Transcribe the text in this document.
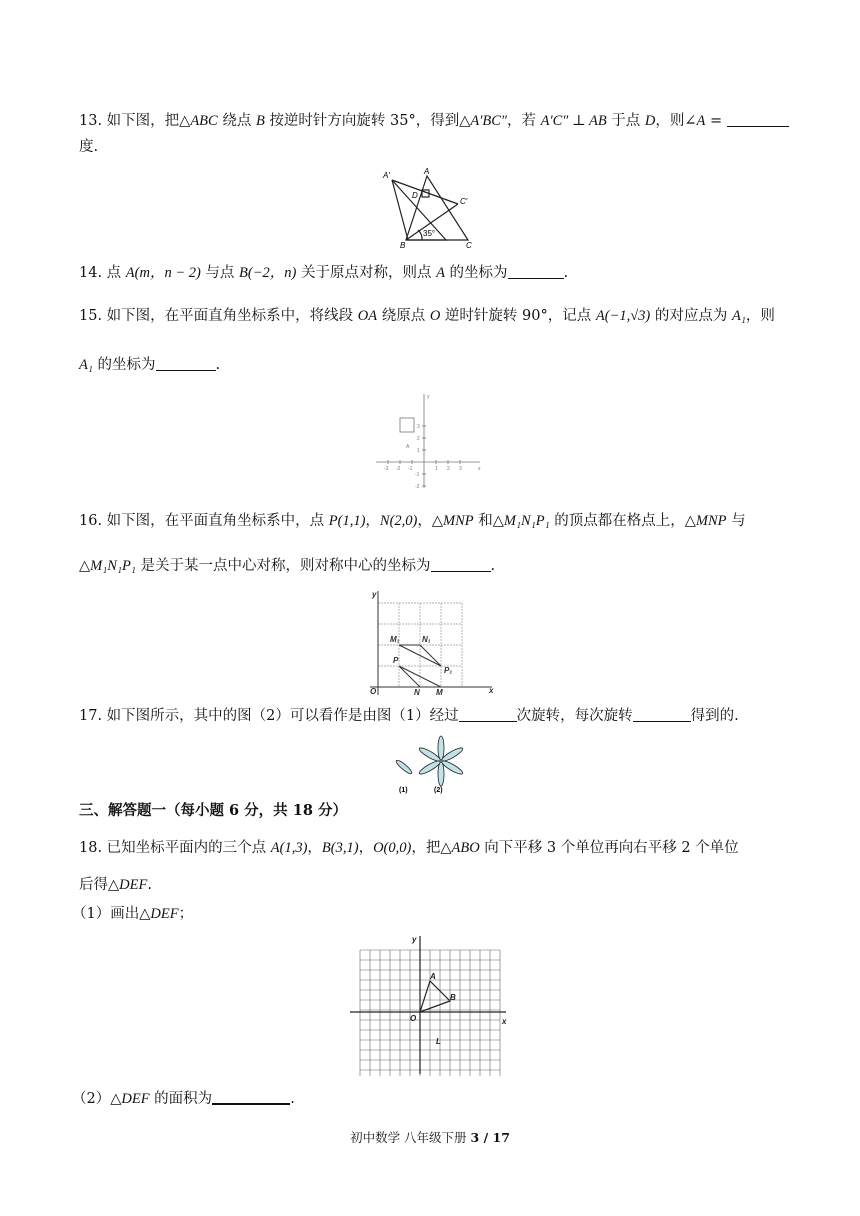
13. 如下图，把△ABC 绕点 B 按逆时针方向旋转 35°，得到△A′BC″，若 A′C″ ⊥ AB 于点 D，则∠A =
度.
A′	A
D
C′
B	C
35°
14. 点 A(m，n − 2) 与点 B(−2，n) 关于原点对称，则点 A 的坐标为	.
15. 如下图，在平面直角坐标系中，将线段 OA 绕原点 O 逆时针旋转 90°，记点 A(−1,√3) 的对应点为 A₁，则
A₁ 的坐标为	.
y
x
A
3
2
1
-1
-2
-3 -2 -1	1 2 3
16. 如下图，在平面直角坐标系中，点 P(1,1)，N(2,0)，△MNP 和△M₁N₁P₁ 的顶点都在格点上，△MNP 与
△M₁N₁P₁ 是关于某一点中心对称，则对称中心的坐标为	.
y
x
O
M₁	N₁
P
P₁
N M
17. 如下图所示，其中的图（2）可以看作是由图（1）经过	次旋转，每次旋转	得到的.
(1)	(2)
三、解答题一（每小题 6 分，共 18 分）
18. 已知坐标平面内的三个点 A(1,3)，B(3,1)，O(0,0)，把△ABO 向下平移 3 个单位再向右平移 2 个单位
后得△DEF.
（1）画出△DEF；
y
x
O
A
B
L
（2）△DEF 的面积为	.
初中数学 八年级下册 3 / 17
